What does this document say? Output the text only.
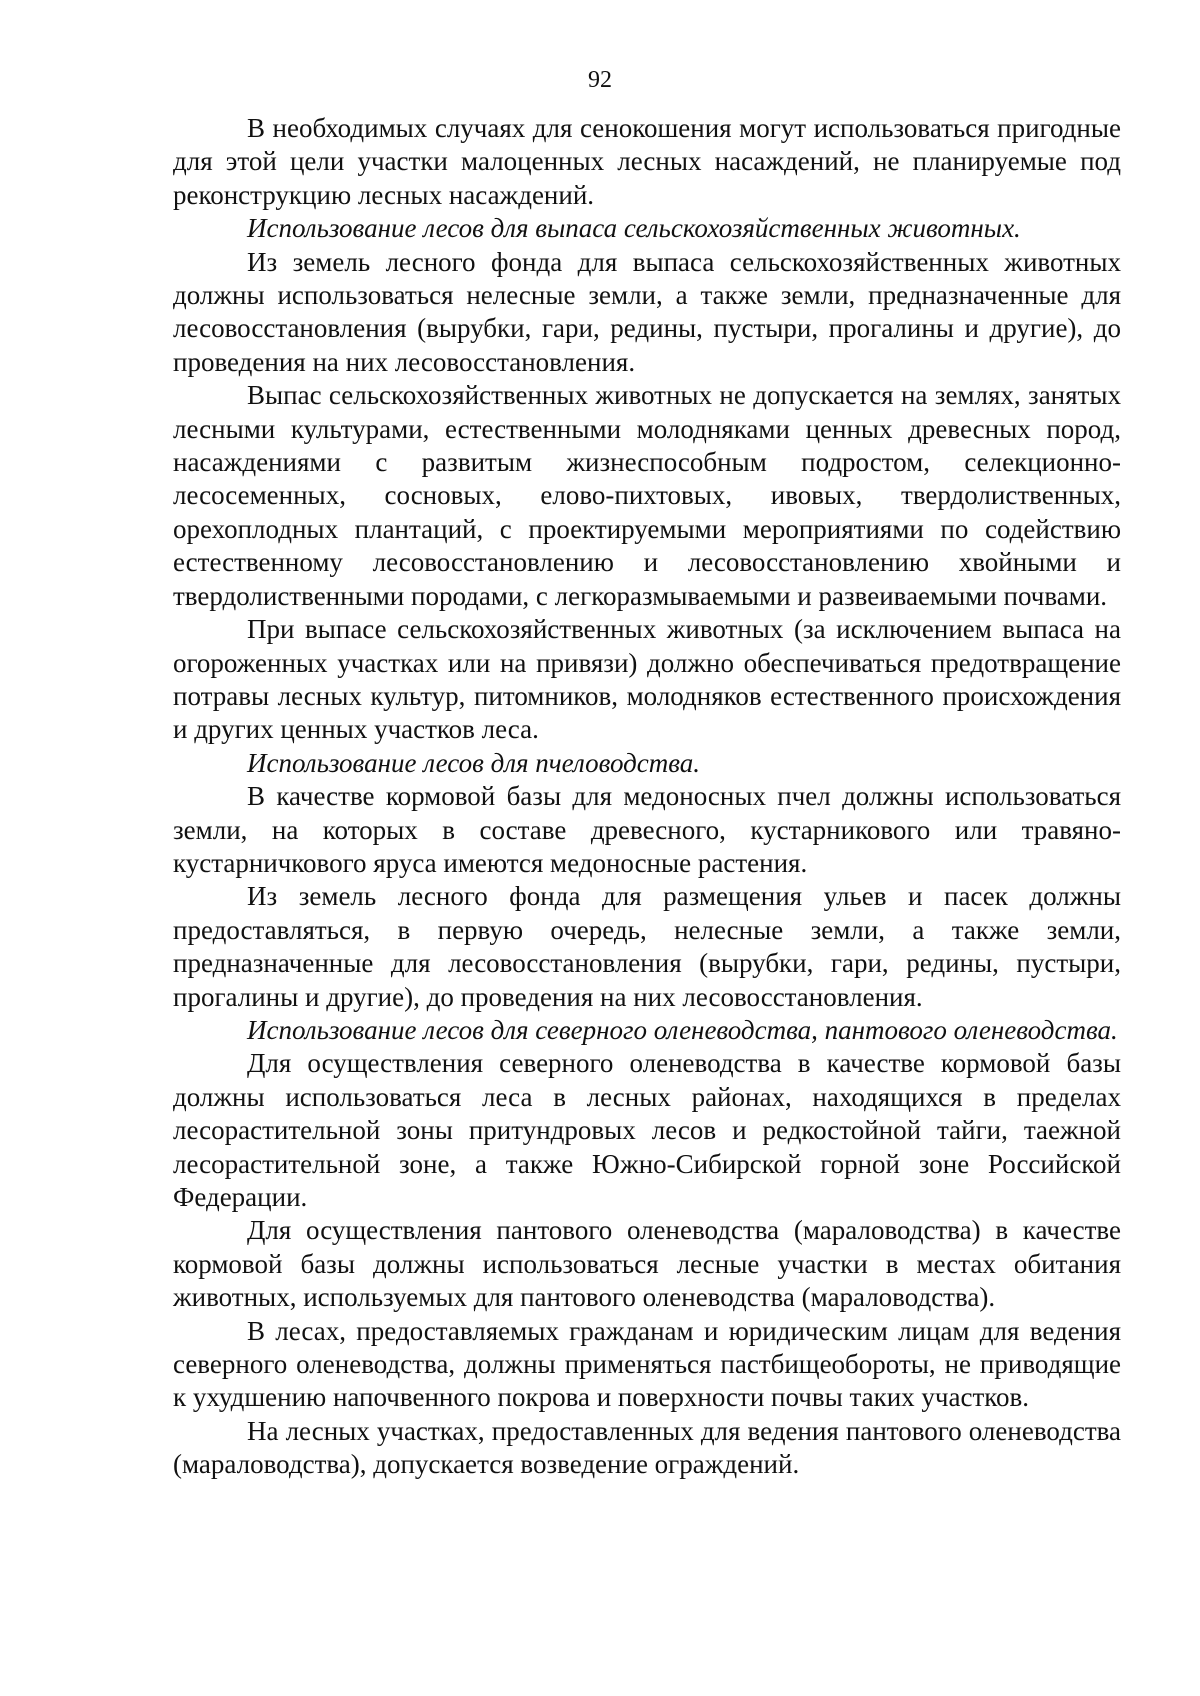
92

В необходимых случаях для сенокошения могут использоваться пригодные для этой цели участки малоценных лесных насаждений, не планируемые под реконструкцию лесных насаждений.

Использование лесов для выпаса сельскохозяйственных животных.

Из земель лесного фонда для выпаса сельскохозяйственных животных должны использоваться нелесные земли, а также земли, предназначенные для лесовосстановления (вырубки, гари, редины, пустыри, прогалины и другие), до проведения на них лесовосстановления.

Выпас сельскохозяйственных животных не допускается на землях, занятых лесными культурами, естественными молодняками ценных древесных пород, насаждениями с развитым жизнеспособным подростом, селекционно-лесосеменных, сосновых, елово-пихтовых, ивовых, твердолиственных, орехоплодных плантаций, с проектируемыми мероприятиями по содействию естественному лесовосстановлению и лесовосстановлению хвойными и твердолиственными породами, с легкоразмываемыми и развеиваемыми почвами.

При выпасе сельскохозяйственных животных (за исключением выпаса на огороженных участках или на привязи) должно обеспечиваться предотвращение потравы лесных культур, питомников, молодняков естественного происхождения и других ценных участков леса.

Использование лесов для пчеловодства.

В качестве кормовой базы для медоносных пчел должны использоваться земли, на которых в составе древесного, кустарникового или травяно-кустарничкового яруса имеются медоносные растения.

Из земель лесного фонда для размещения ульев и пасек должны предоставляться, в первую очередь, нелесные земли, а также земли, предназначенные для лесовосстановления (вырубки, гари, редины, пустыри, прогалины и другие), до проведения на них лесовосстановления.

Использование лесов для северного оленеводства, пантового оленеводства.

Для осуществления северного оленеводства в качестве кормовой базы должны использоваться леса в лесных районах, находящихся в пределах лесорастительной зоны притундровых лесов и редкостойной тайги, таежной лесорастительной зоне, а также Южно-Сибирской горной зоне Российской Федерации.

Для осуществления пантового оленеводства (мараловодства) в качестве кормовой базы должны использоваться лесные участки в местах обитания животных, используемых для пантового оленеводства (мараловодства).

В лесах, предоставляемых гражданам и юридическим лицам для ведения северного оленеводства, должны применяться пастбищеобороты, не приводящие к ухудшению напочвенного покрова и поверхности почвы таких участков.

На лесных участках, предоставленных для ведения пантового оленеводства (мараловодства), допускается возведение ограждений.
